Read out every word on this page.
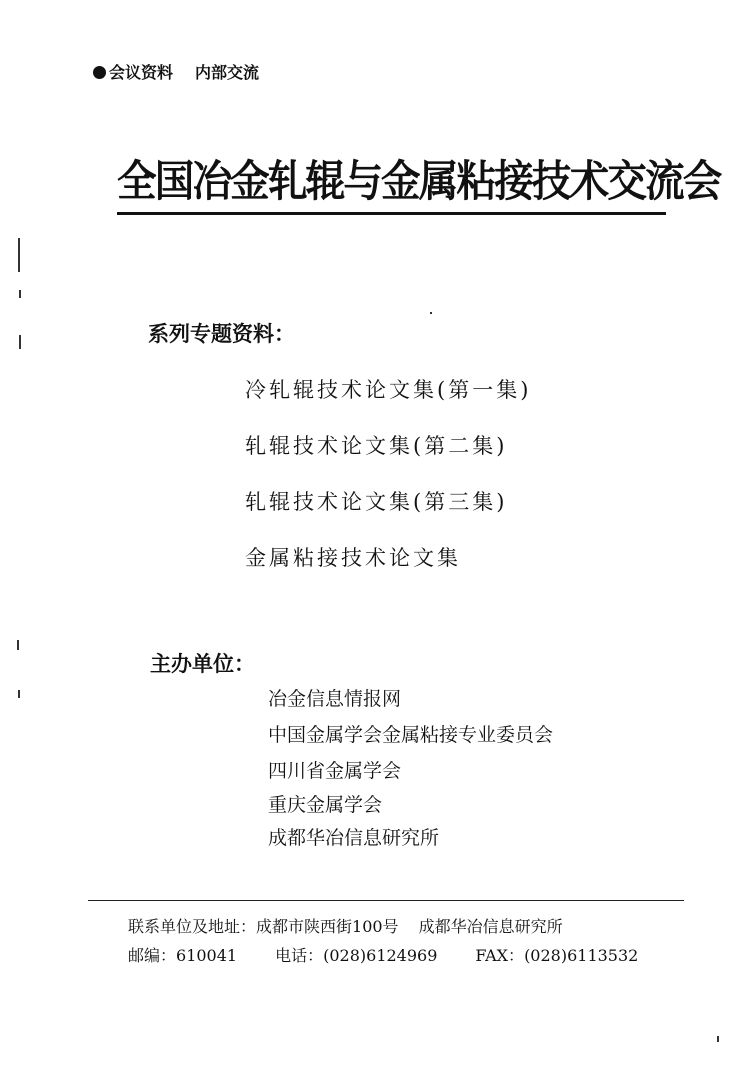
会议资料 内部交流
全国冶金轧辊与金属粘接技术交流会
系列专题资料：
冷轧辊技术论文集(第一集)
轧辊技术论文集(第二集)
轧辊技术论文集(第三集)
金属粘接技术论文集
主办单位：
冶金信息情报网
中国金属学会金属粘接专业委员会
四川省金属学会
重庆金属学会
成都华冶信息研究所
联系单位及地址：成都市陕西街100号 成都华冶信息研究所
邮编：610041 电话：(028)6124969 FAX：(028)6113532
